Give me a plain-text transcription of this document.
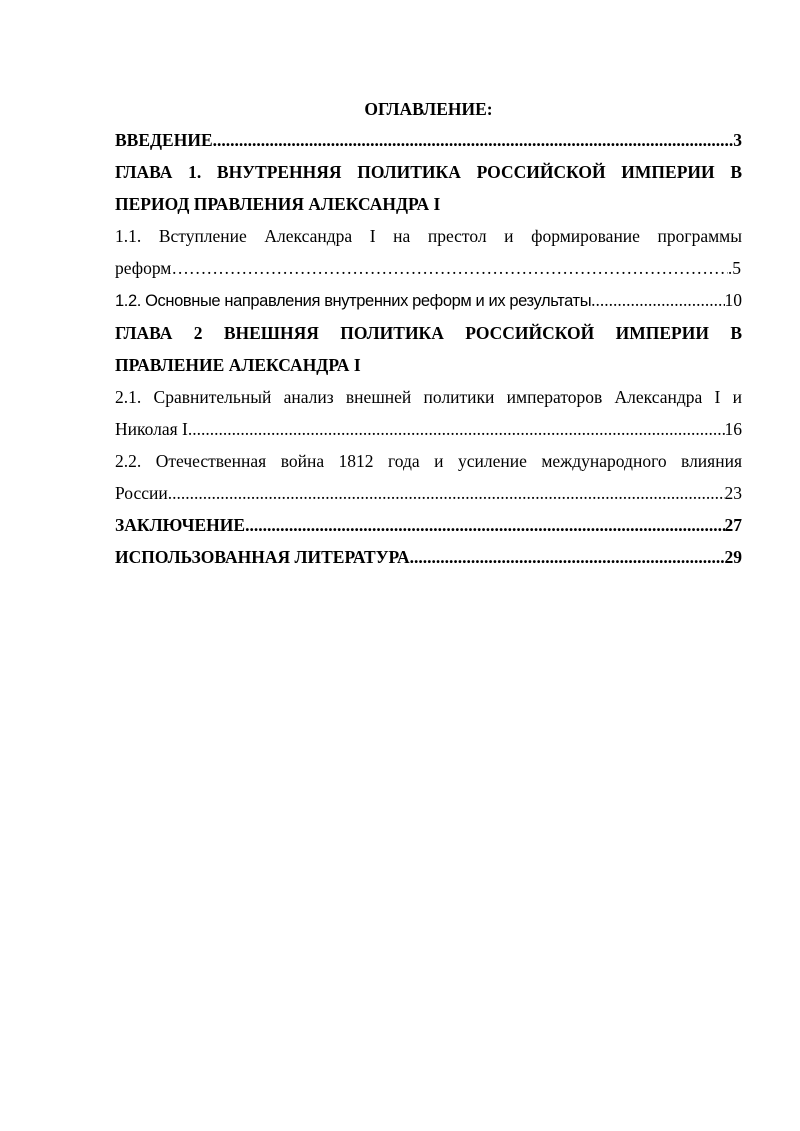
ОГЛАВЛЕНИЕ:
ВВЕДЕНИЕ .....	3
ГЛАВА 1. ВНУТРЕННЯЯ ПОЛИТИКА РОССИЙСКОЙ ИМПЕРИИ В
ПЕРИОД ПРАВЛЕНИЯ АЛЕКСАНДРА I
1.1. Вступление Александра I на престол и формирование программы
реформ …………………………………………………………………………………………………………………………………………………………………………………………………………………	.5
1.2. Основные направления внутренних реформ и их результаты .....	10
ГЛАВА 2 ВНЕШНЯЯ ПОЛИТИКА РОССИЙСКОЙ ИМПЕРИИ В
ПРАВЛЕНИЕ АЛЕКСАНДРА I
2.1. Сравнительный анализ внешней политики императоров Александра I и
Николая I .....	16
2.2. Отечественная война 1812 года и усиление международного влияния
России .....	23
ЗАКЛЮЧЕНИЕ .....	27
ИСПОЛЬЗОВАННАЯ ЛИТЕРАТУРА .....	29
